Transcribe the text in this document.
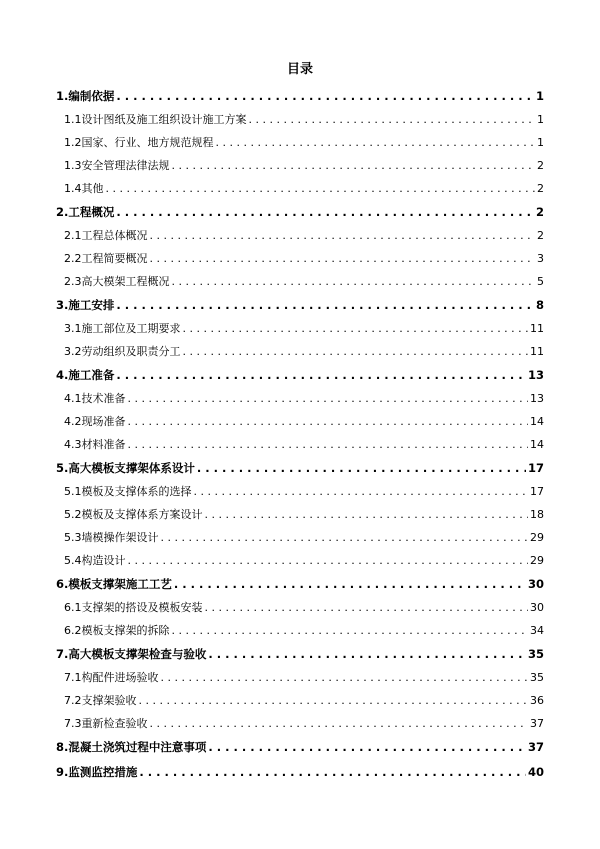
目录
1.编制依据 . . .	1
1.1设计图纸及施工组织设计施工方案 . . .	1
1.2国家、行业、地方规范规程 . . .	1
1.3安全管理法律法规 . . .	2
1.4其他 . . .	2
2.工程概况 . . .	2
2.1工程总体概况 . . .	2
2.2工程简要概况 . . .	3
2.3高大模架工程概况 . . .	5
3.施工安排 . . .	8
3.1施工部位及工期要求 . . .	11
3.2劳动组织及职责分工 . . .	11
4.施工准备 . . .	13
4.1技术准备 . . .	13
4.2现场准备 . . .	14
4.3材料准备 . . .	14
5.高大模板支撑架体系设计 . . .	17
5.1模板及支撑体系的选择 . . .	17
5.2模板及支撑体系方案设计 . . .	18
5.3墙模操作架设计 . . .	29
5.4构造设计 . . .	29
6.模板支撑架施工工艺 . . .	30
6.1支撑架的搭设及模板安装 . . .	30
6.2模板支撑架的拆除 . . .	34
7.高大模板支撑架检查与验收 . . .	35
7.1构配件进场验收 . . .	35
7.2支撑架验收 . . .	36
7.3重新检查验收 . . .	37
8.混凝土浇筑过程中注意事项 . . .	37
9.监测监控措施 . . .	40
